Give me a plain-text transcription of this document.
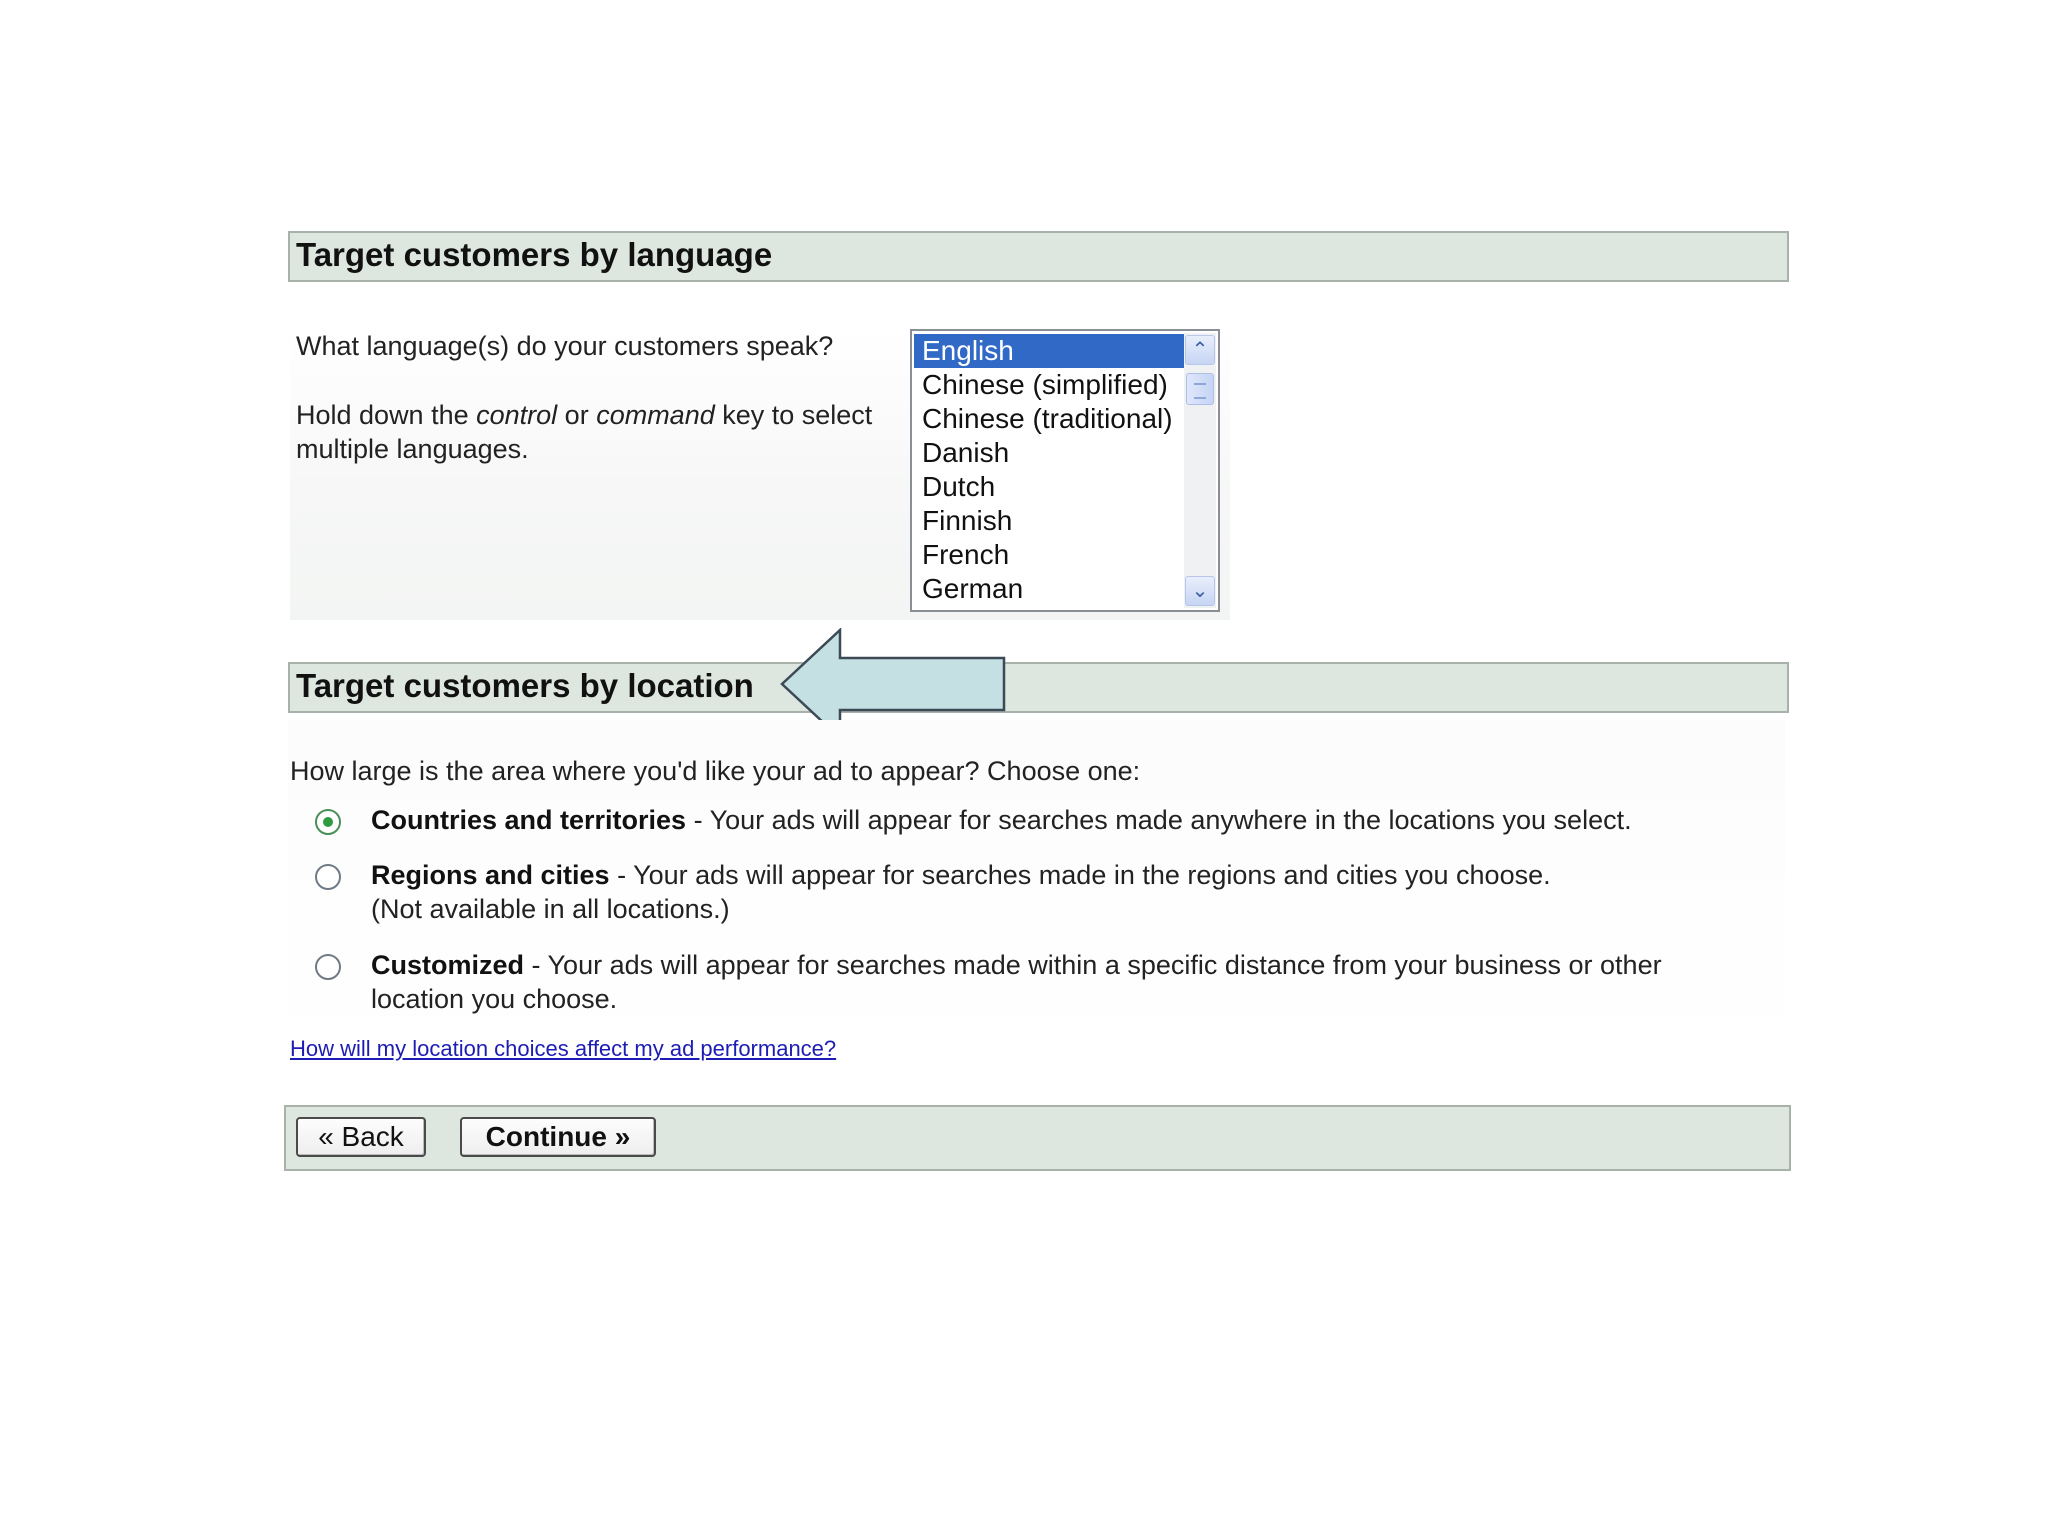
Target customers by language
What language(s) do your customers speak?
Hold down the control or command key to select
multiple languages.
English
Chinese (simplified)
Chinese (traditional)
Danish
Dutch
Finnish
French
German
⌃
⌄
Target customers by location
How large is the area where you'd like your ad to appear? Choose one:
Countries and territories - Your ads will appear for searches made anywhere in the locations you select.
Regions and cities - Your ads will appear for searches made in the regions and cities you choose.
(Not available in all locations.)
Customized - Your ads will appear for searches made within a specific distance from your business or other
location you choose.
How will my location choices affect my ad performance?
« Back	Continue »
